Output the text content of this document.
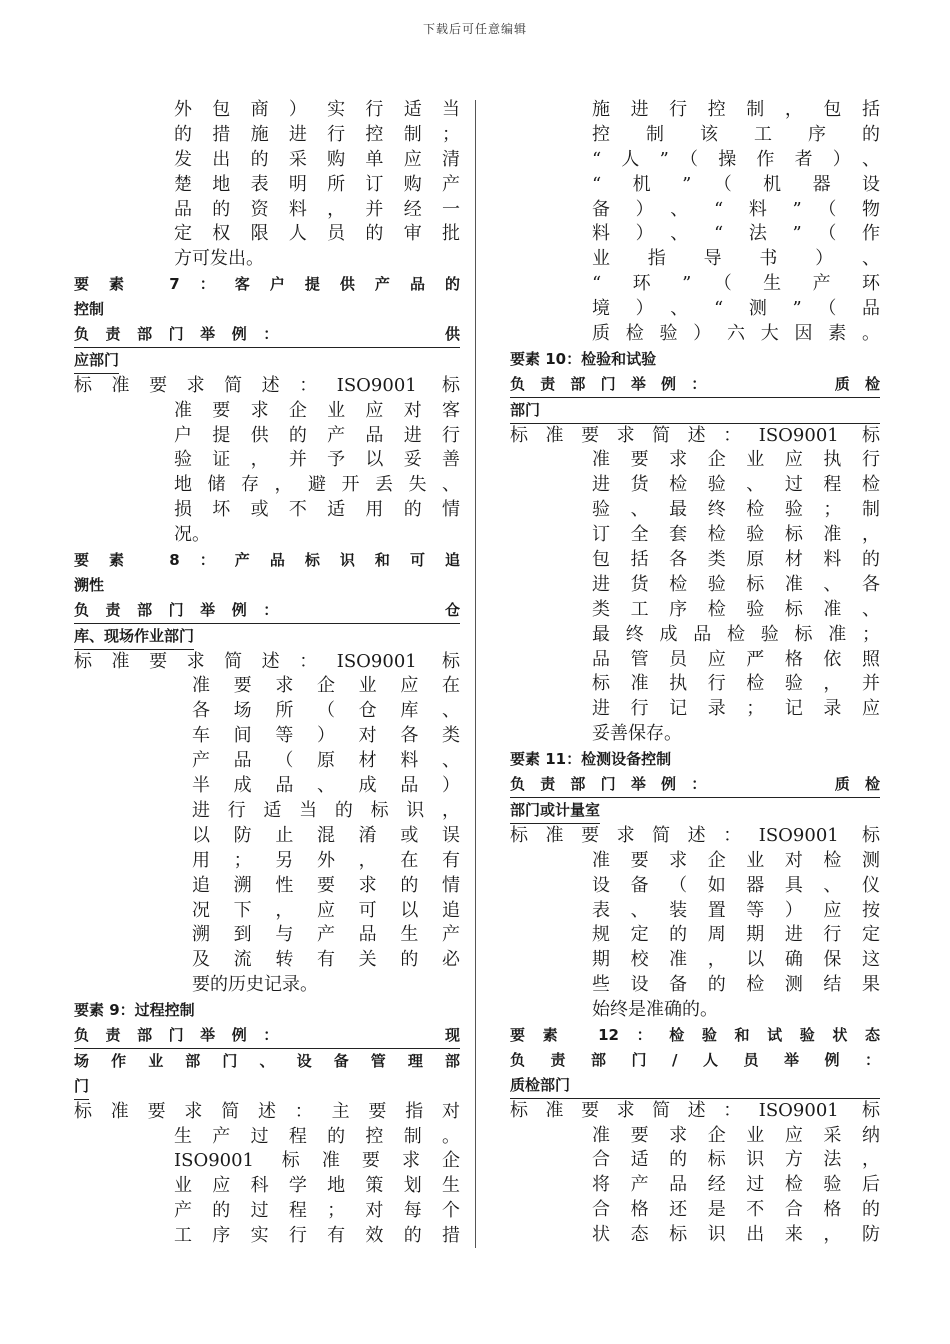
下载后可任意编辑
外包商）实行适当
的措施进行控制；
发出的采购单应清
楚地表明所订购产
品的资料，并经一
定权限人员的审批
方可发出。
要素 7：客户提供产品的
控制
负责部门举例：　　　　　供
应部门
标准要求简述：ISO9001 标
准要求企业应对客
户提供的产品进行
验证，并予以妥善
地储存，避开丢失、
损坏或不适用的情
况。
要素 8：产品标识和可追
溯性
负责部门举例：　　　　　仓
库、现场作业部门
标准要求简述：ISO9001 标
准要求企业应在
各场所（仓库、
车间等）对各类
产品（原材料、
半成品、成品）
进行适当的标识，
以防止混淆或误
用；另外，在有
追溯性要求的情
况下，应可以追
溯到与产品生产
及流转有关的必
要的历史记录。
要素 9：过程控制
负责部门举例：　　　　　现
场作业部门、设备管理部
门
标准要求简述：主要指对
生产过程的控制。
ISO9001 标准要求企
业应科学地策划生
产的过程；对每个
工序实行有效的措
施进行控制，包括
控制该工序的
“人”（操作者）、
“机”（机器设
备）、“料”（物
料）、“法”（作
业指导书）、
“环”（生产环
境）、“测”（品
质检验）六大因素。
要素 10：检验和试验
负责部门举例：　　　　质检
部门
标准要求简述：ISO9001 标
准要求企业应执行
进货检验、过程检
验、最终检验；制
订全套检验标准，
包括各类原材料的
进货检验标准、各
类工序检验标准、
最终成品检验标准；
品管员应严格依照
标准执行检验，并
进行记录；记录应
妥善保存。
要素 11：检测设备控制
负责部门举例：　　　　质检
部门或计量室
标准要求简述：ISO9001 标
准要求企业对检测
设备（如器具、仪
表、装置等）应按
规定的周期进行定
期校准，以确保这
些设备的检测结果
始终是准确的。
要素 12：检验和试验状态
负责部门/人员举例：
质检部门
标准要求简述：ISO9001 标
准要求企业应采纳
合适的标识方法，
将产品经过检验后
合格还是不合格的
状态标识出来，防
